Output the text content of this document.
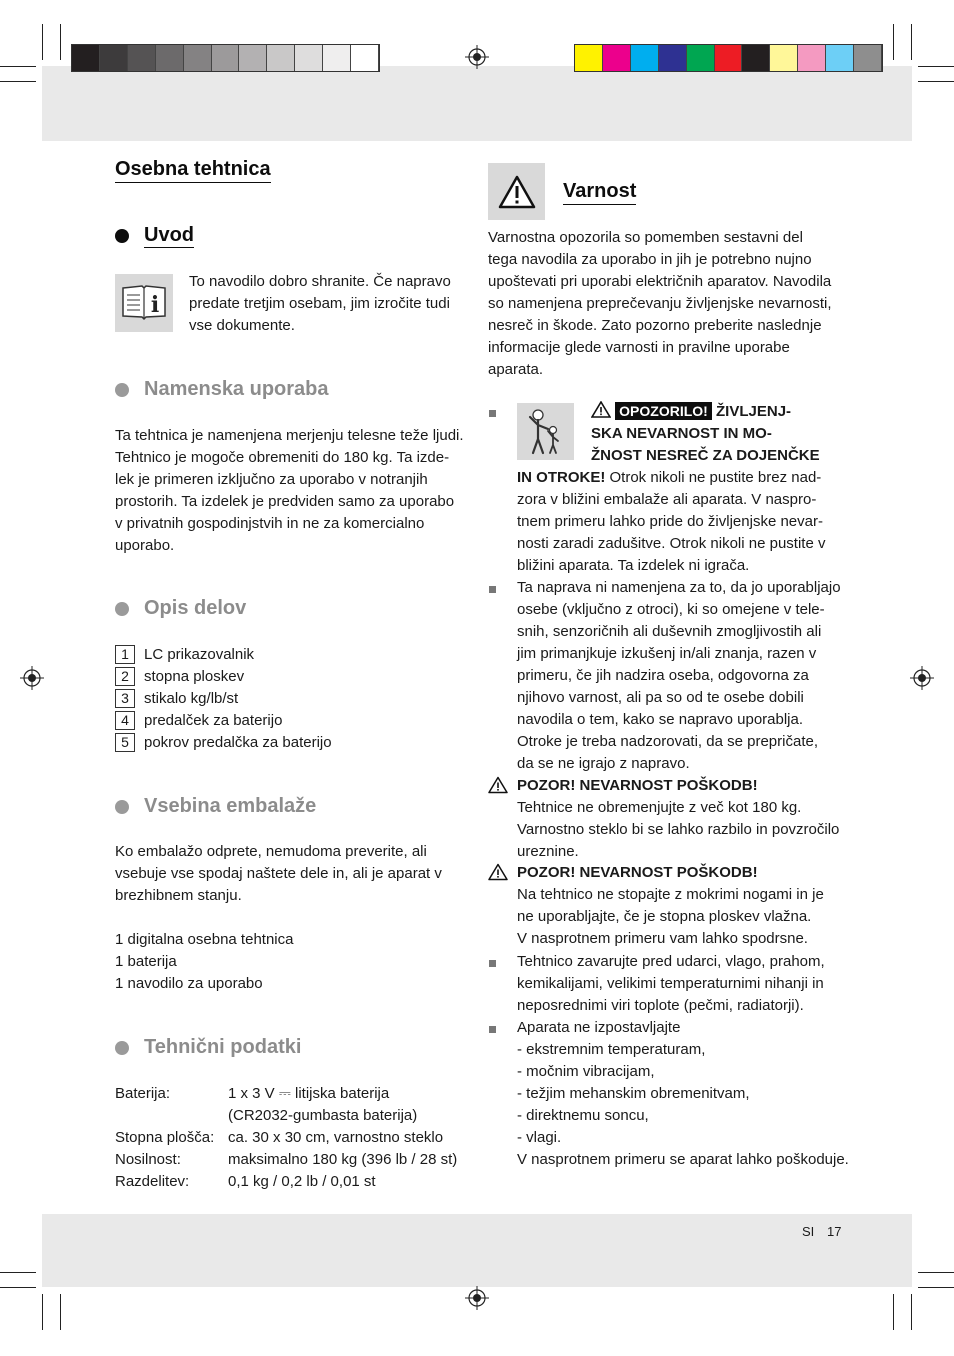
Osebna tehtnica
Uvod
i
To navodilo dobro shranite. Če napravo
predate tretjim osebam, jim izročite tudi
vse dokumente.
Namenska uporaba
Ta tehtnica je namenjena merjenju telesne teže ljudi.
Tehtnico je mogoče obremeniti do 180 kg. Ta izde-
lek je primeren izključno za uporabo v notranjih
prostorih. Ta izdelek je predviden samo za uporabo
v privatnih gospodinjstvih in ne za komercialno
uporabo.
Opis delov
1	LC prikazovalnik
2	stopna ploskev
3	stikalo kg/lb/st
4	predalček za baterijo
5	pokrov predalčka za baterijo
Vsebina embalaže
Ko embalažo odprete, nemudoma preverite, ali
vsebuje vse spodaj naštete dele in, ali je aparat v
brezhibnem stanju.
1 digitalna osebna tehtnica
1 baterija
1 navodilo za uporabo
Tehnični podatki
Baterija:	1 x 3 V ⎓ litijska baterija
(CR2032-gumbasta baterija)
Stopna plošča: ca. 30 x 30 cm, varnostno steklo
Nosilnost:	maksimalno 180 kg (396 lb / 28 st)
Razdelitev:	0,1 kg / 0,2 lb / 0,01 st
Varnost
Varnostna opozorila so pomemben sestavni del
tega navodila za uporabo in jih je potrebno nujno
upoštevati pri uporabi električnih aparatov. Navodila
so namenjena preprečevanju življenjske nevarnosti,
nesreč in škode. Zato pozorno preberite naslednje
informacije glede varnosti in pravilne uporabe
aparata.
OPOZORILO! ŽIVLJENJ-
SKA NEVARNOST IN MO-
ŽNOST NESREČ ZA DOJENČKE
IN OTROKE! Otrok nikoli ne pustite brez nad-
zora v bližini embalaže ali aparata. V naspro-
tnem primeru lahko pride do življenjske nevar-
nosti zaradi zadušitve. Otrok nikoli ne pustite v
bližini aparata. Ta izdelek ni igrača.
Ta naprava ni namenjena za to, da jo uporabljajo
osebe (vključno z otroci), ki so omejene v tele-
snih, senzoričnih ali duševnih zmogljivostih ali
jim primanjkuje izkušenj in/ali znanja, razen v
primeru, če jih nadzira oseba, odgovorna za
njihovo varnost, ali pa so od te osebe dobili
navodila o tem, kako se napravo uporablja.
Otroke je treba nadzorovati, da se prepričate,
da se ne igrajo z napravo.
POZOR! NEVARNOST POŠKODB!
Tehtnice ne obremenjujte z več kot 180 kg.
Varnostno steklo bi se lahko razbilo in povzročilo
ureznine.
POZOR! NEVARNOST POŠKODB!
Na tehtnico ne stopajte z mokrimi nogami in je
ne uporabljajte, če je stopna ploskev vlažna.
V nasprotnem primeru vam lahko spodrsne.
Tehtnico zavarujte pred udarci, vlago, prahom,
kemikalijami, velikimi temperaturnimi nihanji in
neposrednimi viri toplote (pečmi, radiatorji).
Aparata ne izpostavljajte
- ekstremnim temperaturam,
- močnim vibracijam,
- težjim mehanskim obremenitvam,
- direktnemu soncu,
- vlagi.
V nasprotnem primeru se aparat lahko poškoduje.
SI 17
